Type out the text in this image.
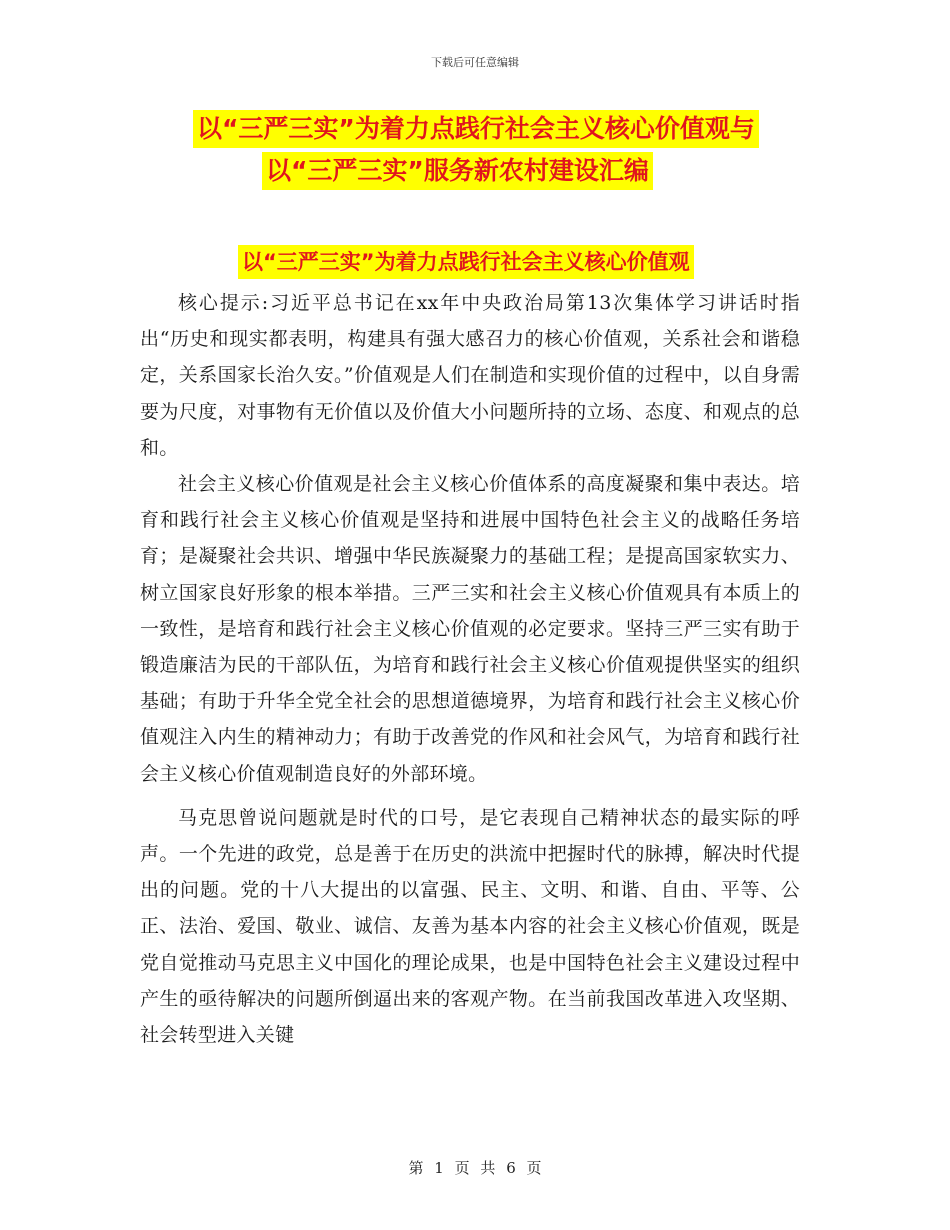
下载后可任意编辑
以“三严三实”为着力点践行社会主义核心价值观与
以“三严三实”服务新农村建设汇编
以“三严三实”为着力点践行社会主义核心价值观

核心提示:习近平总书记在xx年中央政治局第13次集体学习讲话时指出“历史和现实都表明，构建具有强大感召力的核心价值观，关系社会和谐稳定，关系国家长治久安。”价值观是人们在制造和实现价值的过程中，以自身需要为尺度，对事物有无价值以及价值大小问题所持的立场、态度、和观点的总和。

社会主义核心价值观是社会主义核心价值体系的高度凝聚和集中表达。培育和践行社会主义核心价值观是坚持和进展中国特色社会主义的战略任务培育；是凝聚社会共识、增强中华民族凝聚力的基础工程；是提高国家软实力、树立国家良好形象的根本举措。三严三实和社会主义核心价值观具有本质上的一致性，是培育和践行社会主义核心价值观的必定要求。坚持三严三实有助于锻造廉洁为民的干部队伍，为培育和践行社会主义核心价值观提供坚实的组织基础；有助于升华全党全社会的思想道德境界，为培育和践行社会主义核心价值观注入内生的精神动力；有助于改善党的作风和社会风气，为培育和践行社会主义核心价值观制造良好的外部环境。

马克思曾说问题就是时代的口号，是它表现自己精神状态的最实际的呼声。一个先进的政党，总是善于在历史的洪流中把握时代的脉搏，解决时代提出的问题。党的十八大提出的以富强、民主、文明、和谐、自由、平等、公正、法治、爱国、敬业、诚信、友善为基本内容的社会主义核心价值观，既是党自觉推动马克思主义中国化的理论成果，也是中国特色社会主义建设过程中产生的亟待解决的问题所倒逼出来的客观产物。在当前我国改革进入攻坚期、社会转型进入关键

第 1 页 共 6 页
